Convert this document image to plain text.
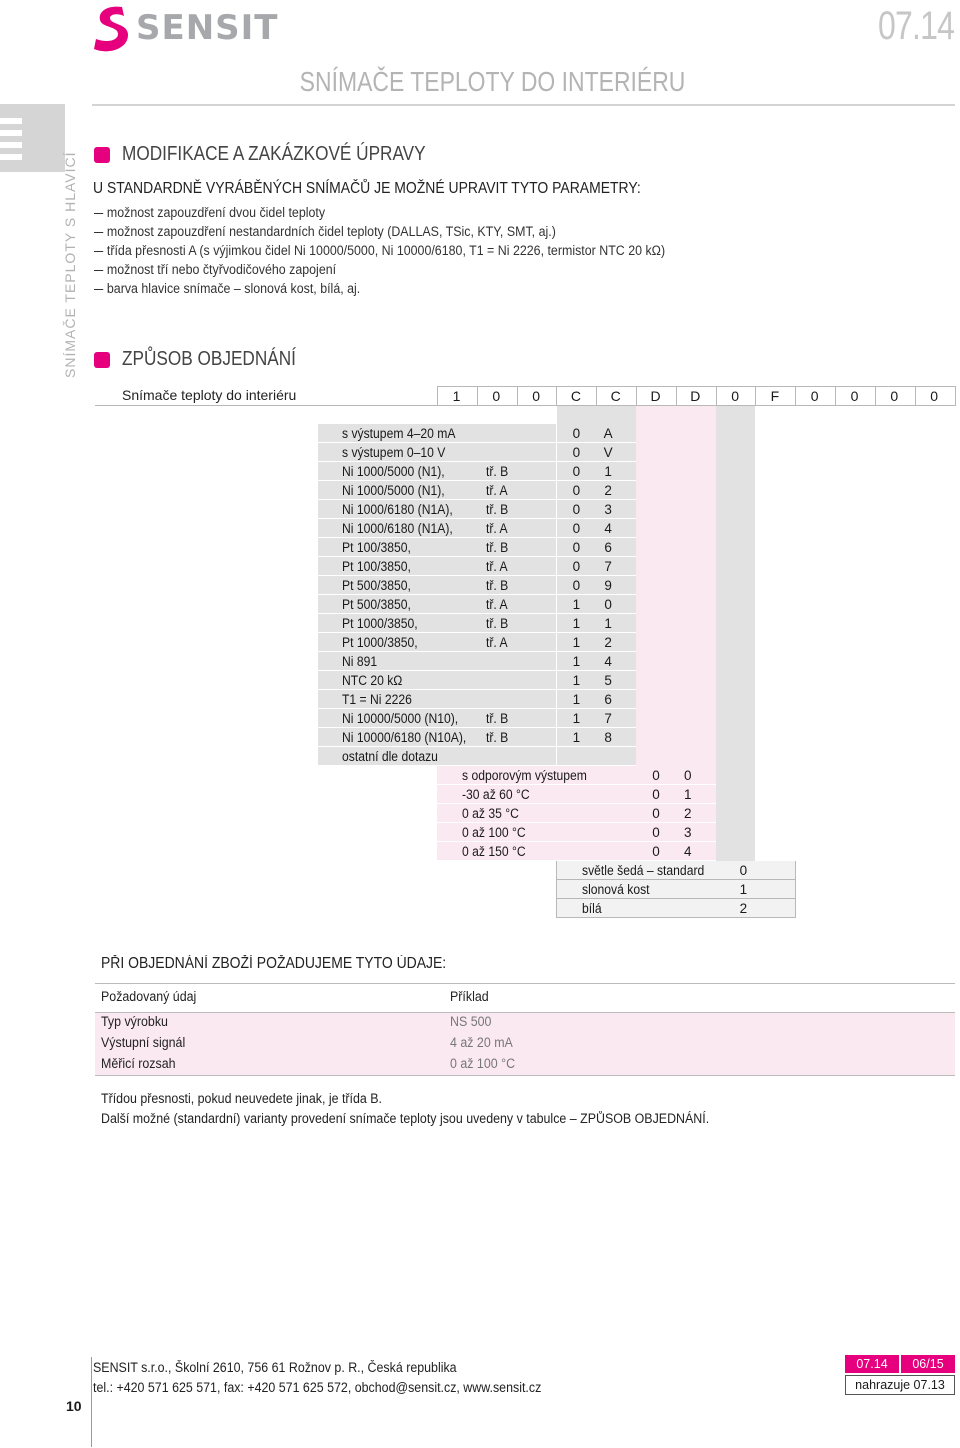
SENSIT	07.14
SNÍMAČE TEPLOTY DO INTERIÉRU
SNÍMAČE TEPLOTY S HLAVICÍ MODIFIKACE A ZAKÁZKOVÉ ÚPRAVY
U STANDARDNĚ VYRÁBĚNÝCH SNÍMAČŮ JE MOŽNÉ UPRAVIT TYTO PARAMETRY:
možnost zapouzdření dvou čidel teploty
možnost zapouzdření nestandardních čidel teploty (DALLAS, TSic, KTY, SMT, aj.)
třída přesnosti A (s výjimkou čidel Ni 10000/5000, Ni 10000/6180, T1 = Ni 2226, termistor NTC 20 kΩ)
možnost tří nebo čtyřvodičového zapojení
barva hlavice snímače – slonová kost, bílá, aj.
ZPŮSOB OBJEDNÁNÍ
Snímače teploty do interiéru	1	0	0	C	C	D	D	0	F	0	0	0	0
s výstupem 4–20 mA	0	A
s výstupem 0–10 V	0	V
Ni 1000/5000 (N1),	tř. B	0	1
Ni 1000/5000 (N1),	tř. A	0	2
Ni 1000/6180 (N1A), tř. B	0	3
Ni 1000/6180 (N1A), tř. A	0	4
Pt 100/3850,	tř. B	0	6
Pt 100/3850,	tř. A	0	7
Pt 500/3850,	tř. B	0	9
Pt 500/3850,	tř. A	1	0
Pt 1000/3850,	tř. B	1	1
Pt 1000/3850,	tř. A	1	2
Ni 891	1	4
NTC 20 kΩ	1	5
T1 = Ni 2226	1	6
Ni 10000/5000 (N10), tř. B	1	7
Ni 10000/6180 (N10A), tř. B	1	8
ostatní dle dotazu
s odporovým výstupem	0	0
-30 až 60 °C	0	1
0 až 35 °C	0	2
0 až 100 °C	0	3
0 až 150 °C	0	4
světle šedá – standard	0
slonová kost	1
bílá	2
PŘI OBJEDNÁNÍ ZBOŽÍ POŽADUJEME TYTO ÚDAJE:
Požadovaný údaj	Příklad
Typ výrobku	NS 500
Výstupní signál	4 až 20 mA
Měřicí rozsah	0 až 100 °C
Třídou přesnosti, pokud neuvedete jinak, je třída B.
Další možné (standardní) varianty provedení snímače teploty jsou uvedeny v tabulce – ZPŮSOB OBJEDNÁNÍ.
10
SENSIT s.r.o., Školní 2610, 756 61 Rožnov p. R., Česká republika
tel.: +420 571 625 571, fax: +420 571 625 572, obchod@sensit.cz, www.sensit.cz
07.14	06/15
nahrazuje 07.13
